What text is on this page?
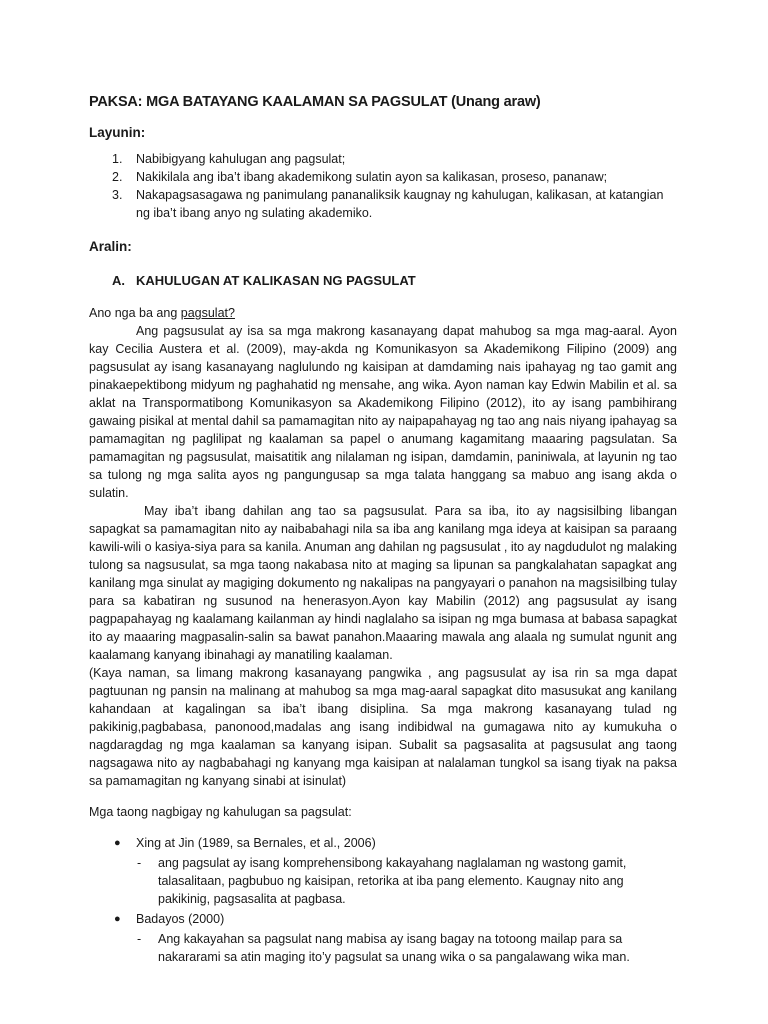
PAKSA: MGA BATAYANG KAALAMAN SA PAGSULAT (Unang araw)
Layunin:
1.	Nabibigyang kahulugan ang pagsulat;
2.	Nakikilala ang iba’t ibang akademikong sulatin ayon sa kalikasan, proseso, pananaw;
3.	Nakapagsasagawa ng panimulang pananaliksik kaugnay ng kahulugan, kalikasan, at katangian ng iba’t ibang anyo ng sulating akademiko.
Aralin:
A. KAHULUGAN AT KALIKASAN NG PAGSULAT
Ano nga ba ang pagsulat?

Ang pagsusulat ay isa sa mga makrong kasanayang dapat mahubog sa mga mag-aaral. Ayon kay Cecilia Austera et al. (2009), may-akda ng Komunikasyon sa Akademikong Filipino (2009) ang pagsusulat ay isang kasanayang naglulundo ng kaisipan at damdaming nais ipahayag ng tao gamit ang pinakaepektibong midyum ng paghahatid ng mensahe, ang wika. Ayon naman kay Edwin Mabilin et al. sa aklat na Transpormatibong Komunikasyon sa Akademikong Filipino (2012), ito ay isang pambihirang gawaing pisikal at mental dahil sa pamamagitan nito ay naipapahayag ng tao ang nais niyang ipahayag sa pamamagitan ng paglilipat ng kaalaman sa papel o anumang kagamitang maaaring pagsulatan. Sa pamamagitan ng pagsusulat, maisatitik ang nilalaman ng isipan, damdamin, paniniwala, at layunin ng tao sa tulong ng mga salita ayos ng pangungusap sa mga talata hanggang sa mabuo ang isang akda o sulatin.

May iba’t ibang dahilan ang tao sa pagsusulat. Para sa iba, ito ay nagsisilbing libangan sapagkat sa pamamagitan nito ay naibabahagi nila sa iba ang kanilang mga ideya at kaisipan sa paraang kawili-wili o kasiya-siya para sa kanila. Anuman ang dahilan ng pagsusulat , ito ay nagdudulot ng malaking tulong sa nagsusulat, sa mga taong nakabasa nito at maging sa lipunan sa pangkalahatan sapagkat ang kanilang mga sinulat ay magiging dokumento ng nakalipas na pangyayari o panahon na magsisilbing tulay para sa kabatiran ng susunod na henerasyon.Ayon kay Mabilin (2012) ang pagsusulat ay isang pagpapahayag ng kaalamang kailanman ay hindi naglalaho sa isipan ng mga bumasa at babasa sapagkat ito ay maaaring magpasalin-salin sa bawat panahon.Maaaring mawala ang alaala ng sumulat ngunit ang kaalamang kanyang ibinahagi ay manatiling kaalaman.

(Kaya naman, sa limang makrong kasanayang pangwika , ang pagsusulat ay isa rin sa mga dapat pagtuunan ng pansin na malinang at mahubog sa mga mag-aaral sapagkat dito masusukat ang kanilang kahandaan at kagalingan sa iba’t ibang disiplina. Sa mga makrong kasanayang tulad ng pakikinig,pagbabasa, panonood,madalas ang isang indibidwal na gumagawa nito ay kumukuha o nagdaragdag ng mga kaalaman sa kanyang isipan. Subalit sa pagsasalita at pagsusulat ang taong nagsagawa nito ay nagbabahagi ng kanyang mga kaisipan at nalalaman tungkol sa isang tiyak na paksa sa pamamagitan ng kanyang sinabi at isinulat)

Mga taong nagbigay ng kahulugan sa pagsulat:
●	Xing at Jin (1989, sa Bernales, et al., 2006)
-	ang pagsulat ay isang komprehensibong kakayahang naglalaman ng wastong gamit, talasalitaan, pagbubuo ng kaisipan, retorika at iba pang elemento. Kaugnay nito ang pakikinig, pagsasalita at pagbasa.
●	Badayos (2000)
-	Ang kakayahan sa pagsulat nang mabisa ay isang bagay na totoong mailap para sa nakararami sa atin maging ito’y pagsulat sa unang wika o sa pangalawang wika man.
